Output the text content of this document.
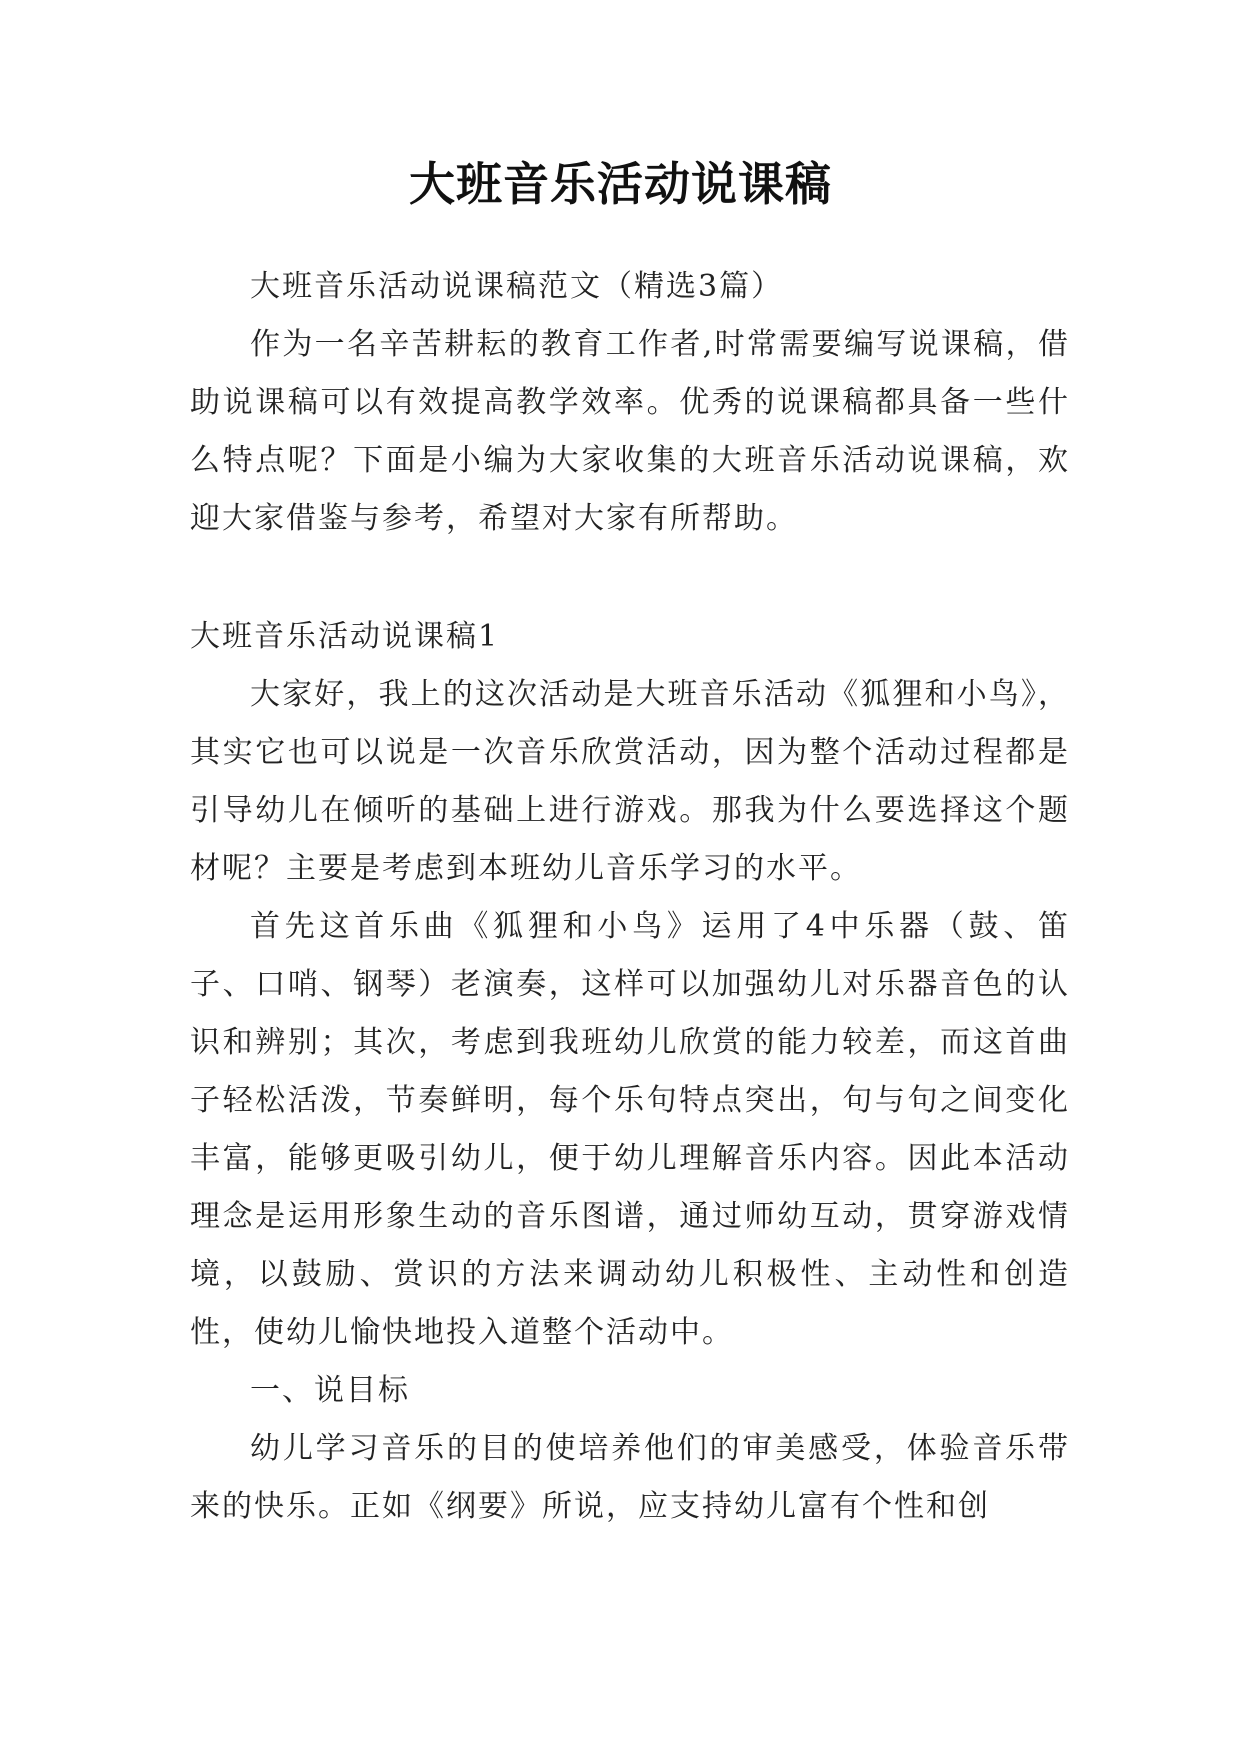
大班音乐活动说课稿

大班音乐活动说课稿范文（精选3篇）

作为一名辛苦耕耘的教育工作者,时常需要编写说课稿，借助说课稿可以有效提高教学效率。优秀的说课稿都具备一些什么特点呢？下面是小编为大家收集的大班音乐活动说课稿，欢迎大家借鉴与参考，希望对大家有所帮助。

大班音乐活动说课稿1

大家好，我上的这次活动是大班音乐活动《狐狸和小鸟》，其实它也可以说是一次音乐欣赏活动，因为整个活动过程都是引导幼儿在倾听的基础上进行游戏。那我为什么要选择这个题材呢？主要是考虑到本班幼儿音乐学习的水平。

首先这首乐曲《狐狸和小鸟》运用了4中乐器（鼓、笛子、口哨、钢琴）老演奏，这样可以加强幼儿对乐器音色的认识和辨别；其次，考虑到我班幼儿欣赏的能力较差，而这首曲子轻松活泼，节奏鲜明，每个乐句特点突出，句与句之间变化丰富，能够更吸引幼儿，便于幼儿理解音乐内容。因此本活动理念是运用形象生动的音乐图谱，通过师幼互动，贯穿游戏情境，以鼓励、赏识的方法来调动幼儿积极性、主动性和创造性，使幼儿愉快地投入道整个活动中。

一、说目标

幼儿学习音乐的目的使培养他们的审美感受，体验音乐带来的快乐。正如《纲要》所说，应支持幼儿富有个性和创
